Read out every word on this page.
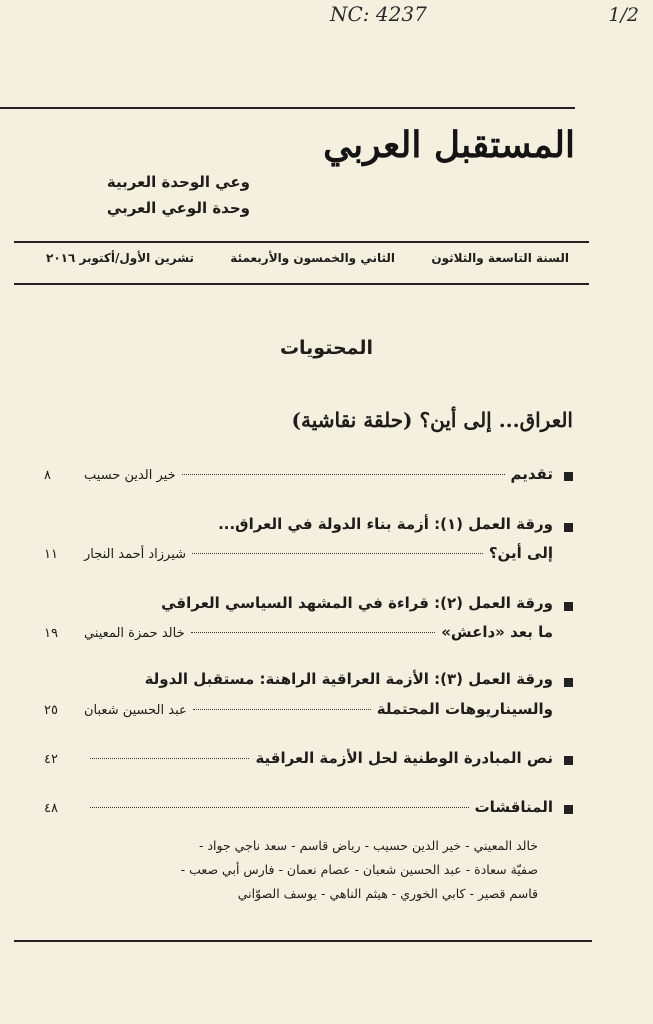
NC: 4237	1/2
المستقبل العربي
وعي الوحدة العربية
وحدة الوعي العربي
السنة التاسعة والثلاثون
الثاني والخمسون والأربعمئة
تشرين الأول/أكتوبر ٢٠١٦
المحتويات
العراق... إلى أين؟ (حلقة نقاشية)
تقديم
خير الدين حسيب
٨
ورقة العمل (١): أزمة بناء الدولة في العراق...
إلى أين؟
شيرزاد أحمد النجار
١١
ورقة العمل (٢): قراءة في المشهد السياسي العراقي
ما بعد «داعش»
خالد حمزة المعيني
١٩
ورقة العمل (٣): الأزمة العراقية الراهنة: مستقبل الدولة
والسيناريوهات المحتملة
عبد الحسين شعبان
٢٥
نص المبادرة الوطنية لحل الأزمة العراقية
٤٢
المناقشات
٤٨
خالد المعيني - خير الدين حسيب - رياض قاسم - سعد ناجي جواد -
صفيّة سعادة - عبد الحسين شعبان - عصام نعمان - فارس أبي صعب -
قاسم قصير - كابي الخوري - هيثم الناهي - يوسف الصوّاني
